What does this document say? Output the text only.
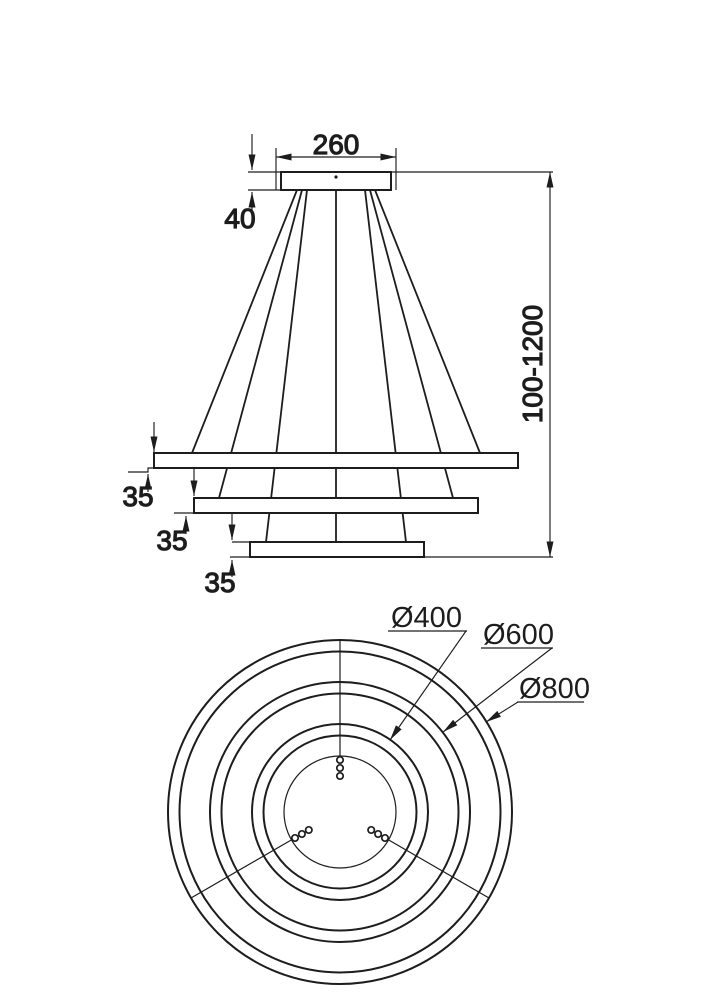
260
40
100-1200
35
35
35
Ø400
Ø600
Ø800
